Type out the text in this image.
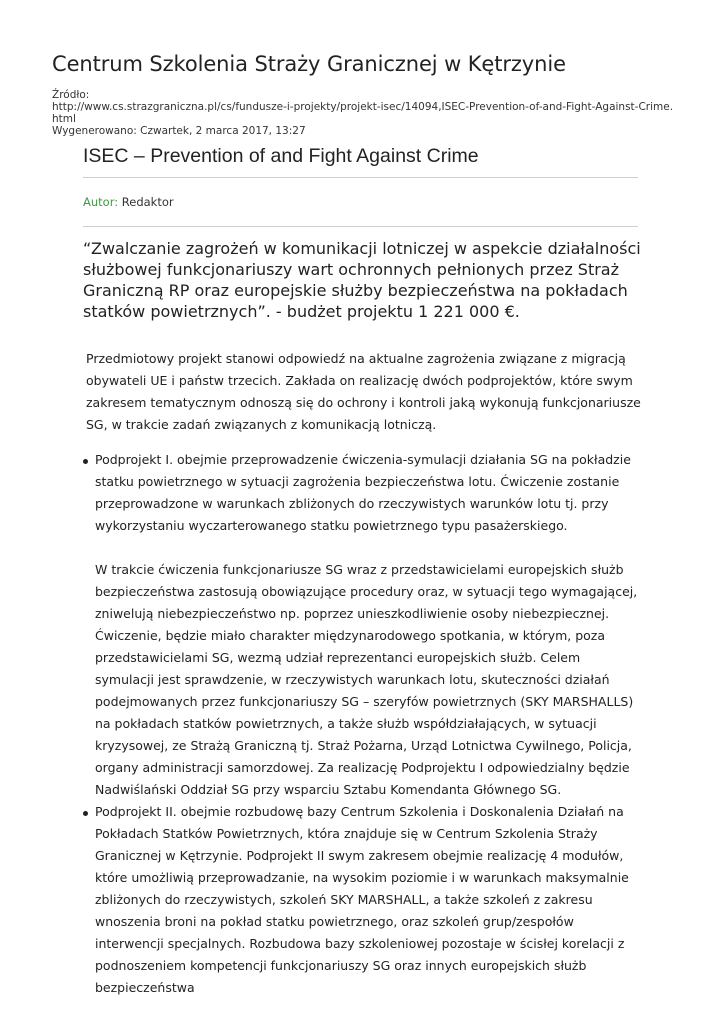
Centrum Szkolenia Straży Granicznej w Kętrzynie
Źródło:
http://www.cs.strazgraniczna.pl/cs/fundusze-i-projekty/projekt-isec/14094,ISEC-Prevention-of-and-Fight-Against-Crime.html
Wygenerowano: Czwartek, 2 marca 2017, 13:27
ISEC – Prevention of and Fight Against Crime
Autor: Redaktor

“Zwalczanie zagrożeń w komunikacji lotniczej w aspekcie działalności służbowej funkcjonariuszy wart ochronnych pełnionych przez Straż Graniczną RP oraz europejskie służby bezpieczeństwa na pokładach statków powietrznych”. - budżet projektu 1 221 000 €.

Przedmiotowy projekt stanowi odpowiedź na aktualne zagrożenia związane z migracją obywateli UE i państw trzecich. Zakłada on realizację dwóch podprojektów, które swym zakresem tematycznym odnoszą się do ochrony i kontroli jaką wykonują funkcjonariusze SG, w trakcie zadań związanych z komunikacją lotniczą.

Podprojekt I. obejmie przeprowadzenie ćwiczenia-symulacji działania SG na pokładzie statku powietrznego w sytuacji zagrożenia bezpieczeństwa lotu. Ćwiczenie zostanie przeprowadzone w warunkach zbliżonych do rzeczywistych warunków lotu tj. przy wykorzystaniu wyczarterowanego statku powietrznego typu pasażerskiego.

W trakcie ćwiczenia funkcjonariusze SG wraz z przedstawicielami europejskich służb bezpieczeństwa zastosują obowiązujące procedury oraz, w sytuacji tego wymagającej, zniwelują niebezpieczeństwo np. poprzez unieszkodliwienie osoby niebezpiecznej. Ćwiczenie, będzie miało charakter międzynarodowego spotkania, w którym, poza przedstawicielami SG, wezmą udział reprezentanci europejskich służb. Celem symulacji jest sprawdzenie, w rzeczywistych warunkach lotu, skuteczności działań podejmowanych przez funkcjonariuszy SG – szeryfów powietrznych (SKY MARSHALLS) na pokładach statków powietrznych, a także służb współdziałających, w sytuacji kryzysowej, ze Strażą Graniczną tj. Straż Pożarna, Urząd Lotnictwa Cywilnego, Policja, organy administracji samorzdowej. Za realizację Podprojektu I odpowiedzialny będzie Nadwiślański Oddział SG przy wsparciu Sztabu Komendanta Głównego SG.

Podprojekt II. obejmie rozbudowę bazy Centrum Szkolenia i Doskonalenia Działań na Pokładach Statków Powietrznych, która znajduje się w Centrum Szkolenia Straży Granicznej w Kętrzynie. Podprojekt II swym zakresem obejmie realizację 4 modułów, które umożliwią przeprowadzanie, na wysokim poziomie i w warunkach maksymalnie zbliżonych do rzeczywistych, szkoleń SKY MARSHALL, a także szkoleń z zakresu wnoszenia broni na pokład statku powietrznego, oraz szkoleń grup/zespołów interwencji specjalnych. Rozbudowa bazy szkoleniowej pozostaje w ścisłej korelacji z podnoszeniem kompetencji funkcjonariuszy SG oraz innych europejskich służb bezpieczeństwa
